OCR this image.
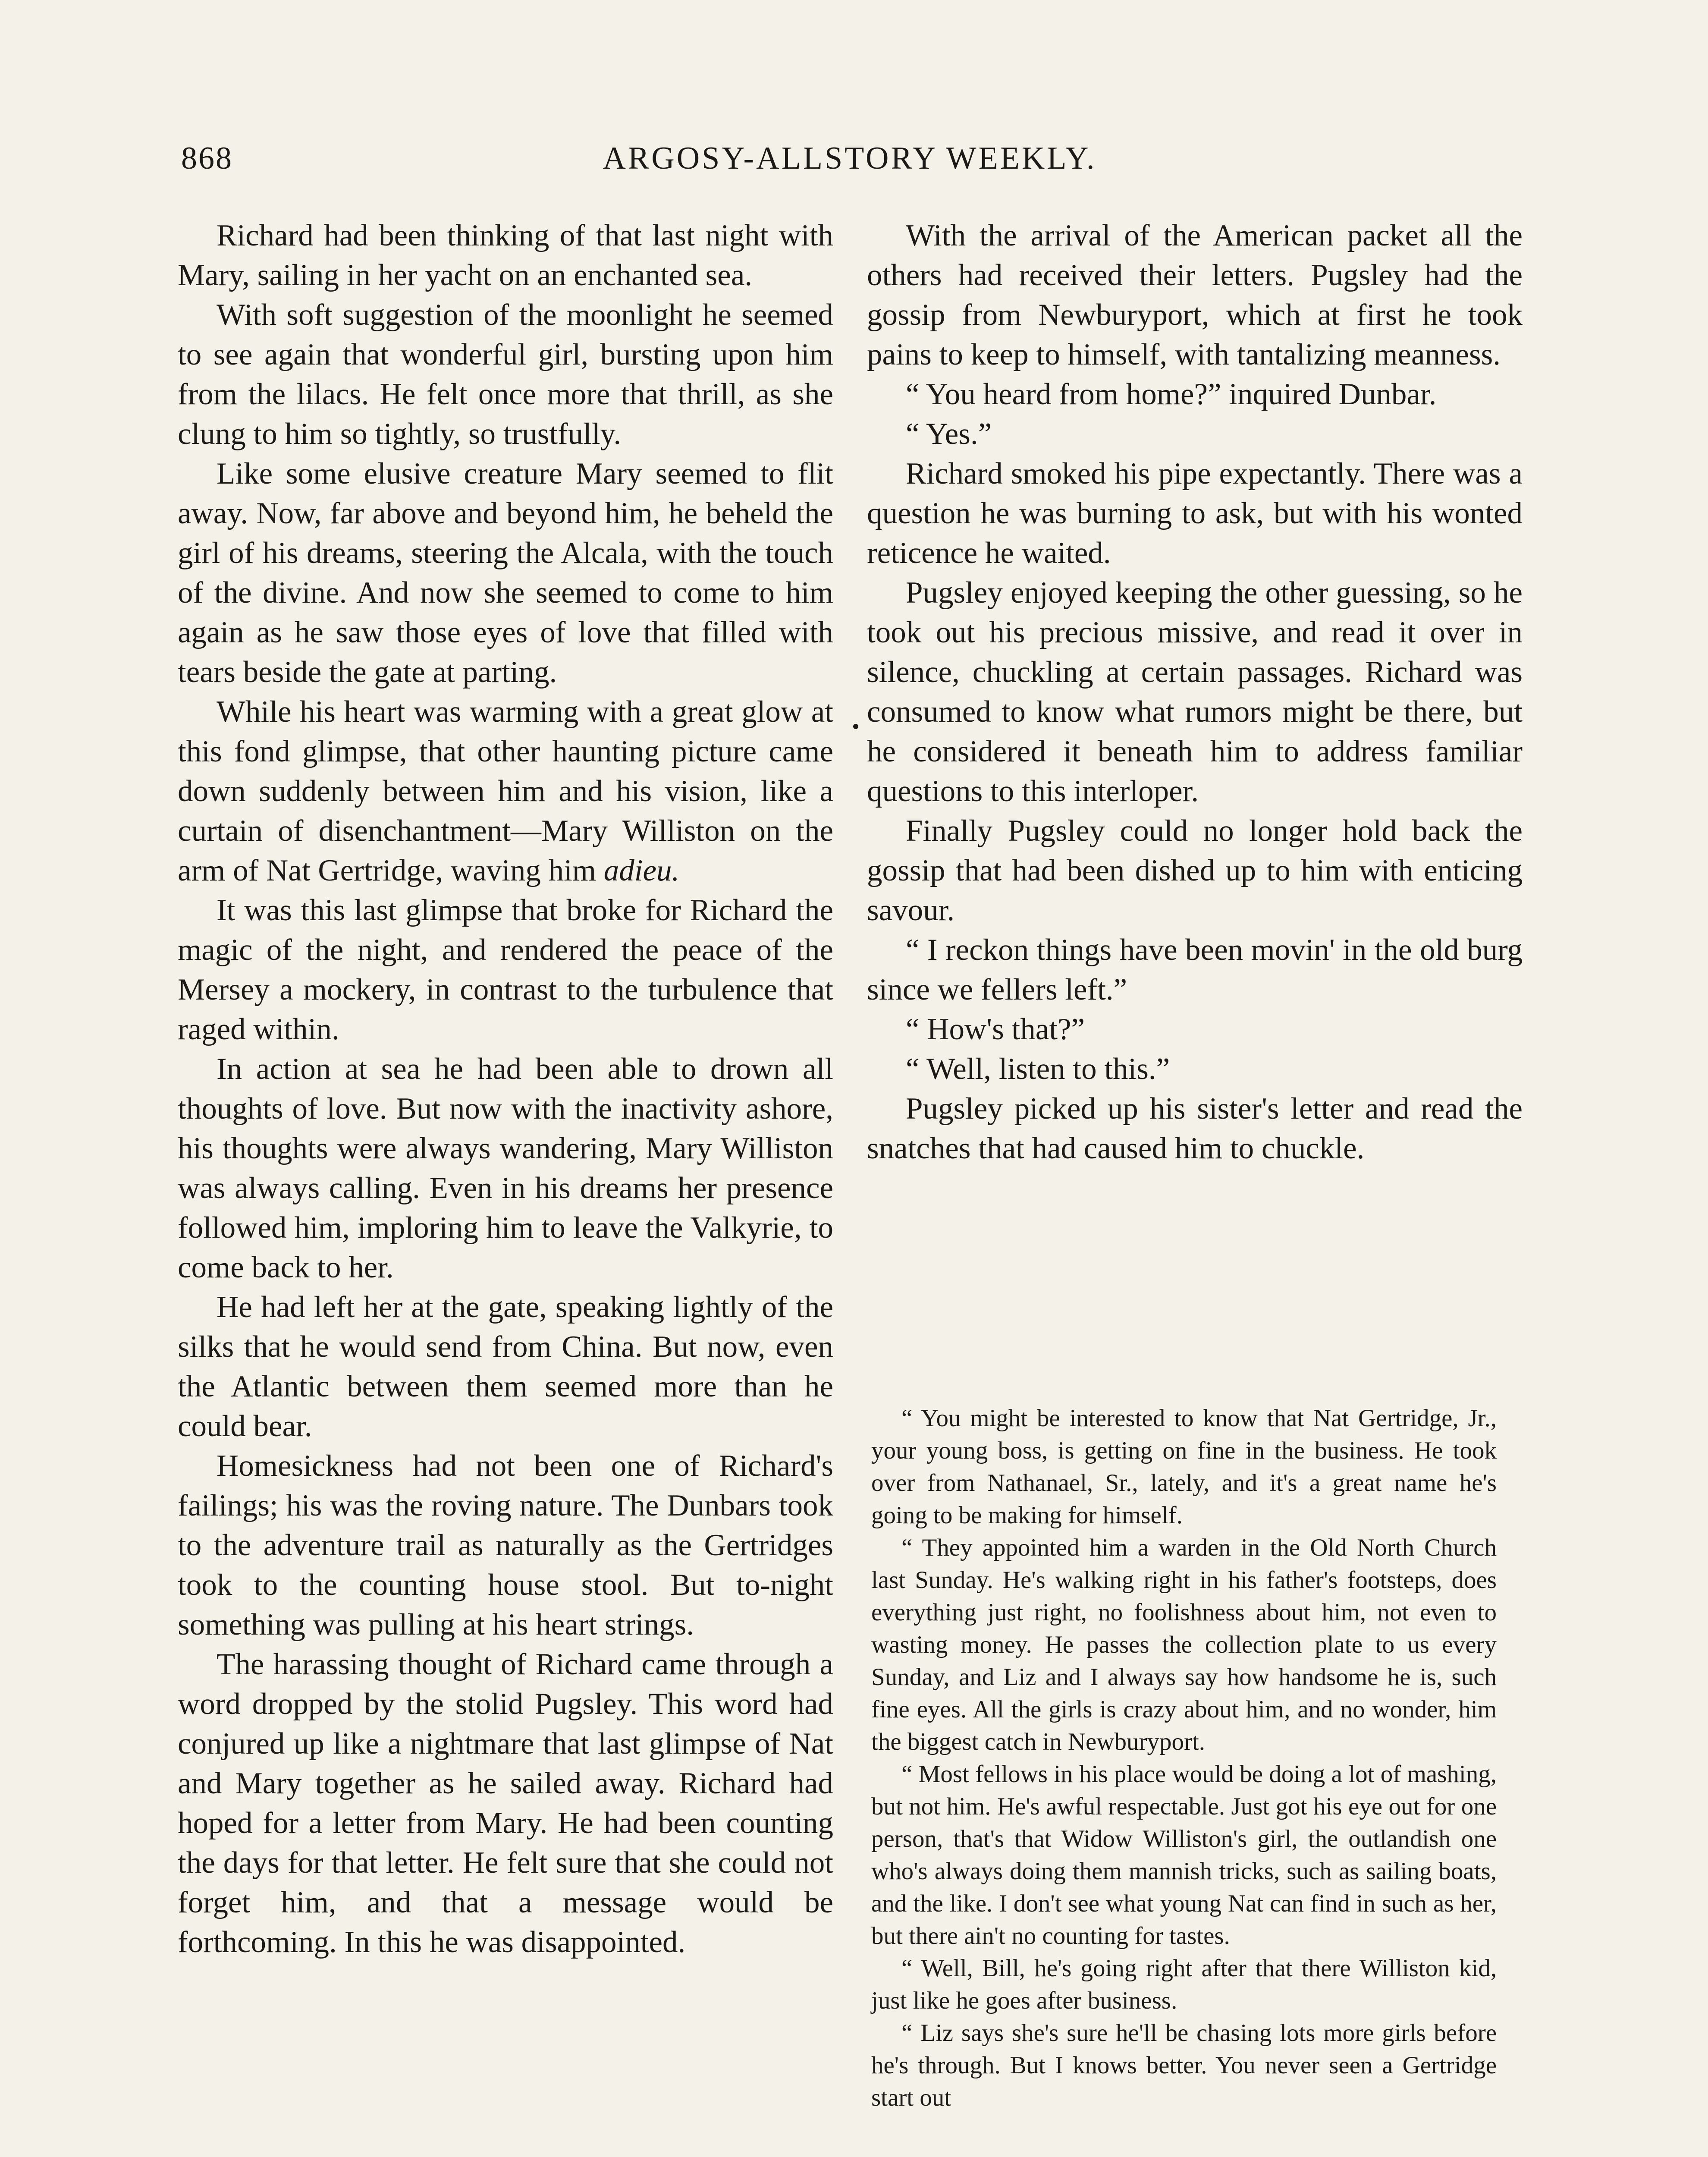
868	ARGOSY-ALLSTORY WEEKLY.

Richard had been thinking of that last night with Mary, sailing in her yacht on an enchanted sea.

With soft suggestion of the moonlight he seemed to see again that wonderful girl, bursting upon him from the lilacs. He felt once more that thrill, as she clung to him so tightly, so trustfully.

Like some elusive creature Mary seemed to flit away. Now, far above and beyond him, he beheld the girl of his dreams, steering the Alcala, with the touch of the divine. And now she seemed to come to him again as he saw those eyes of love that filled with tears beside the gate at parting.

While his heart was warming with a great glow at this fond glimpse, that other haunting picture came down suddenly between him and his vision, like a curtain of disenchantment—Mary Williston on the arm of Nat Gertridge, waving him adieu.

It was this last glimpse that broke for Richard the magic of the night, and rendered the peace of the Mersey a mockery, in contrast to the turbulence that raged within.

In action at sea he had been able to drown all thoughts of love. But now with the inactivity ashore, his thoughts were always wandering, Mary Williston was always calling. Even in his dreams her presence followed him, imploring him to leave the Valkyrie, to come back to her.

He had left her at the gate, speaking lightly of the silks that he would send from China. But now, even the Atlantic between them seemed more than he could bear.

Homesickness had not been one of Richard's failings; his was the roving nature. The Dunbars took to the adventure trail as naturally as the Gertridges took to the counting house stool. But to-night something was pulling at his heart strings.

The harassing thought of Richard came through a word dropped by the stolid Pugsley. This word had conjured up like a nightmare that last glimpse of Nat and Mary together as he sailed away. Richard had hoped for a letter from Mary. He had been counting the days for that letter. He felt sure that she could not forget him, and that a message would be forthcoming. In this he was disappointed.

With the arrival of the American packet all the others had received their letters. Pugsley had the gossip from Newburyport, which at first he took pains to keep to himself, with tantalizing meanness.

“ You heard from home?” inquired Dunbar.

“ Yes.”

Richard smoked his pipe expectantly. There was a question he was burning to ask, but with his wonted reticence he waited.

Pugsley enjoyed keeping the other guessing, so he took out his precious missive, and read it over in silence, chuckling at certain passages. Richard was consumed to know what rumors might be there, but he considered it beneath him to address familiar questions to this interloper.

Finally Pugsley could no longer hold back the gossip that had been dished up to him with enticing savour.

“ I reckon things have been movin' in the old burg since we fellers left.”

“ How's that?”

“ Well, listen to this.”

Pugsley picked up his sister's letter and read the snatches that had caused him to chuckle.

“ You might be interested to know that Nat Gertridge, Jr., your young boss, is getting on fine in the business. He took over from Nathanael, Sr., lately, and it's a great name he's going to be making for himself.

“ They appointed him a warden in the Old North Church last Sunday. He's walking right in his father's footsteps, does everything just right, no foolishness about him, not even to wasting money. He passes the collection plate to us every Sunday, and Liz and I always say how handsome he is, such fine eyes. All the girls is crazy about him, and no wonder, him the biggest catch in Newburyport.

“ Most fellows in his place would be doing a lot of mashing, but not him. He's awful respectable. Just got his eye out for one person, that's that Widow Williston's girl, the outlandish one who's always doing them mannish tricks, such as sailing boats, and the like. I don't see what young Nat can find in such as her, but there ain't no counting for tastes.

“ Well, Bill, he's going right after that there Williston kid, just like he goes after business.

“ Liz says she's sure he'll be chasing lots more girls before he's through. But I knows better. You never seen a Gertridge start out
